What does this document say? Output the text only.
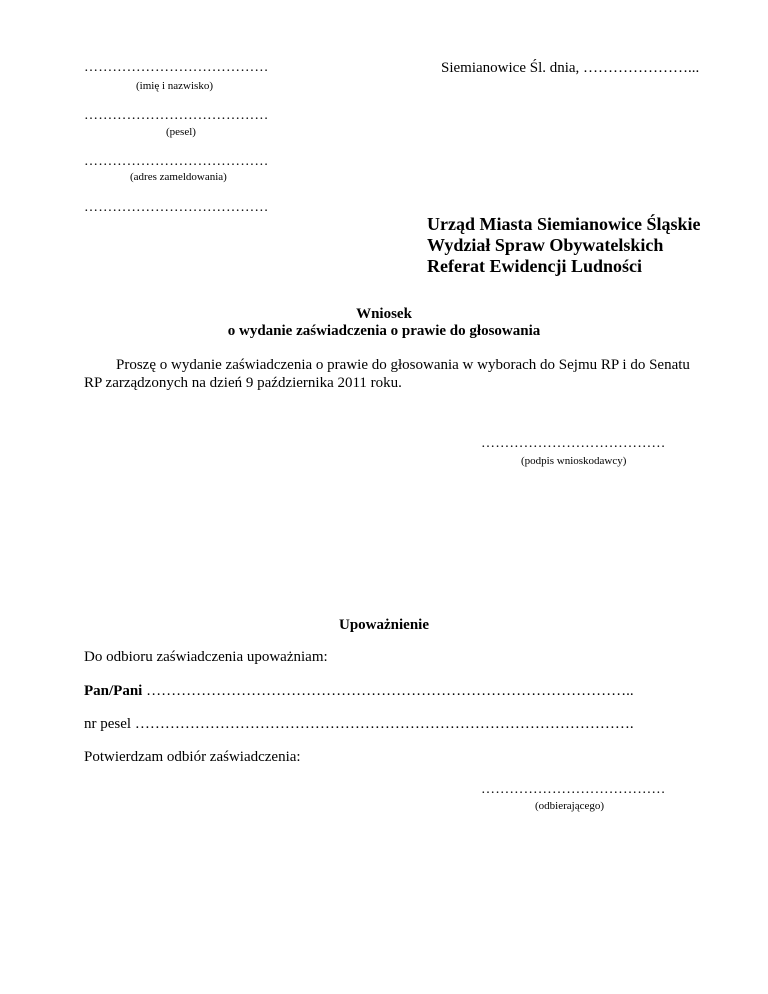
…………………………………
(imię i nazwisko)
…………………………………
(pesel)
…………………………………
(adres zameldowania)
…………………………………
Siemianowice Śl. dnia, …………………...
Urząd Miasta Siemianowice Śląskie
Wydział Spraw Obywatelskich
Referat Ewidencji Ludności
Wniosek
o wydanie zaświadczenia o prawie do głosowania
Proszę o wydanie zaświadczenia o prawie do głosowania w wyborach do Sejmu RP i do Senatu RP zarządzonych na dzień 9 października 2011 roku.
…………………………………
(podpis wnioskodawcy)
Upoważnienie
Do odbioru zaświadczenia upoważniam:
Pan/Pani ……………………………………………………………………………………..
nr pesel ……………………………………………………………………………………….
Potwierdzam odbiór zaświadczenia:
…………………………………
(odbierającego)
